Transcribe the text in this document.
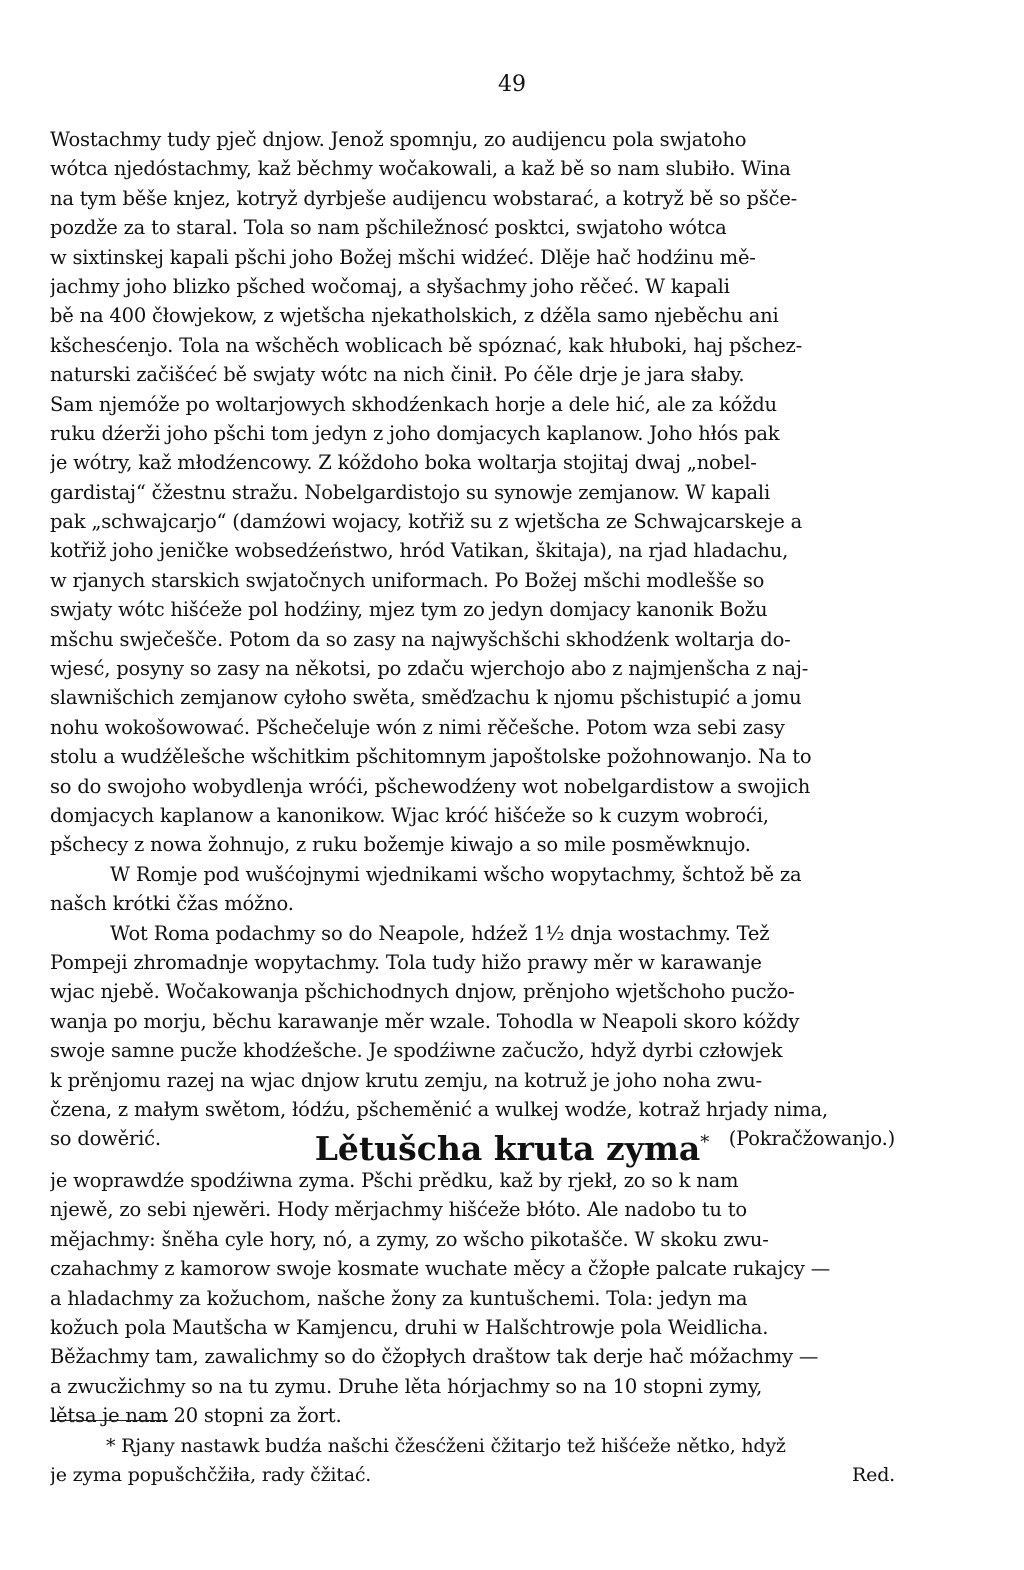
49
Wostachmy tudy pječ dnjow. Jenož spomnju, zo audijencu pola swjatoho
wótca njedóstachmy, kaž běchmy wočakowali, a kaž bě so nam slubiło. Wina
na tym běše knjez, kotryž dyrbješe audijencu wobstarać, a kotryž bě so pšče-
pozdže za to staral. Tola so nam pšchiležnosć posktci, swjatoho wótca
w sixtinskej kapali pšchi joho Božej mšchi widźeć. Dlěje hač hodźinu mě-
jachmy joho blizko pšched wočomaj, a słyšachmy joho rěčeć. W kapali
bě na 400 čłowjekow, z wjetšcha njekatholskich, z dźěla samo njeběchu ani
kšchesćenjo. Tola na wšchěch woblicach bě spóznać, kak hłuboki, haj pšchez-
naturski začišćeć bě swjaty wótc na nich činił. Po ćěle drje je jara słaby.
Sam njemóže po woltarjowych skhodźenkach horje a dele hić, ale za kóždu
ruku dźerži joho pšchi tom jedyn z joho domjacych kaplanow. Joho hłós pak
je wótry, kaž młodźencowy. Z kóždoho boka woltarja stojitaj dwaj „nobel-
gardistaj“ čžestnu stražu. Nobelgardistojo su synowje zemjanow. W kapali
pak „schwajcarjo“ (damźowi wojacy, kotřiž su z wjetšcha ze Schwajcarskeje a
kotřiž joho jeničke wobsedźeństwo, hród Vatikan, škitaja), na rjad hladachu,
w rjanych starskich swjatočnych uniformach. Po Božej mšchi modlešše so
swjaty wótc hišćeže pol hodźiny, mjez tym zo jedyn domjacy kanonik Božu
mšchu swječešče. Potom da so zasy na najwyšchšchi skhodźenk woltarja do-
wjesć, posyny so zasy na někotsi, po zdaču wjerchojo abo z najmjenšcha z naj-
slawnišchich zemjanow cyłoho swěta, směďzachu k njomu pšchistupić a jomu
nohu wokošowować. Pšchečeluje wón z nimi rěčešche. Potom wza sebi zasy
stolu a wudźělešche wšchitkim pšchitomnym japoštolske požohnowanjo. Na to
so do swojoho wobydlenja wróći, pšchewodźeny wot nobelgardistow a swojich
domjacych kaplanow a kanonikow. Wjac króć hišćeže so k cuzym wobroći,
pšchecy z nowa žohnujo, z ruku božemje kiwajo a so mile posměwknujo.
W Romje pod wušćojnymi wjednikami wšcho wopytachmy, šchtož bě za
našch krótki čžas móžno.
Wot Roma podachmy so do Neapole, hdźež 1½ dnja wostachmy. Tež
Pompeji zhromadnje wopytachmy. Tola tudy hižo prawy měr w karawanje
wjac njebě. Wočakowanja pšchichodnych dnjow, prěnjoho wjetšchoho pucžo-
wanja po morju, běchu karawanje měr wzale. Tohodla w Neapoli skoro kóždy
swoje samne pucže khodźešche. Je spodźiwne začucžo, hdyž dyrbi człowjek
k prěnjomu razej na wjac dnjow krutu zemju, na kotruž je joho noha zwu-
čzena, z małym swětom, łódźu, pšcheměnić a wulkej wodźe, kotraž hrjady nima,
so dowěrić.	(Pokračžowanjo.)
Lětušcha kruta zyma*
je woprawdźe spodźiwna zyma. Pšchi prědku, kaž by rjekł, zo so k nam
njewě, zo sebi njewěri. Hody měrjachmy hišćeže błóto. Ale nadobo tu to
mějachmy: šněha cyle hory, nó, a zymy, zo wšcho pikotašče. W skoku zwu-
czahachmy z kamorow swoje kosmate wuchate měcy a čžopłe palcate rukajcy —
a hladachmy za kožuchom, našche žony za kuntušchemi. Tola: jedyn ma
kožuch pola Mautšcha w Kamjencu, druhi w Halšchtrowje pola Weidlicha.
Běžachmy tam, zawalichmy so do čžopłych draštow tak derje hač móžachmy —
a zwucžichmy so na tu zymu. Druhe lěta hórjachmy so na 10 stopni zymy,
lětsa je nam 20 stopni za žort.
* Rjany nastawk budźa našchi čžesćženi čžitarjo tež hišćeže nětko, hdyž
je zyma popušchčžiła, rady čžitać.	Red.
